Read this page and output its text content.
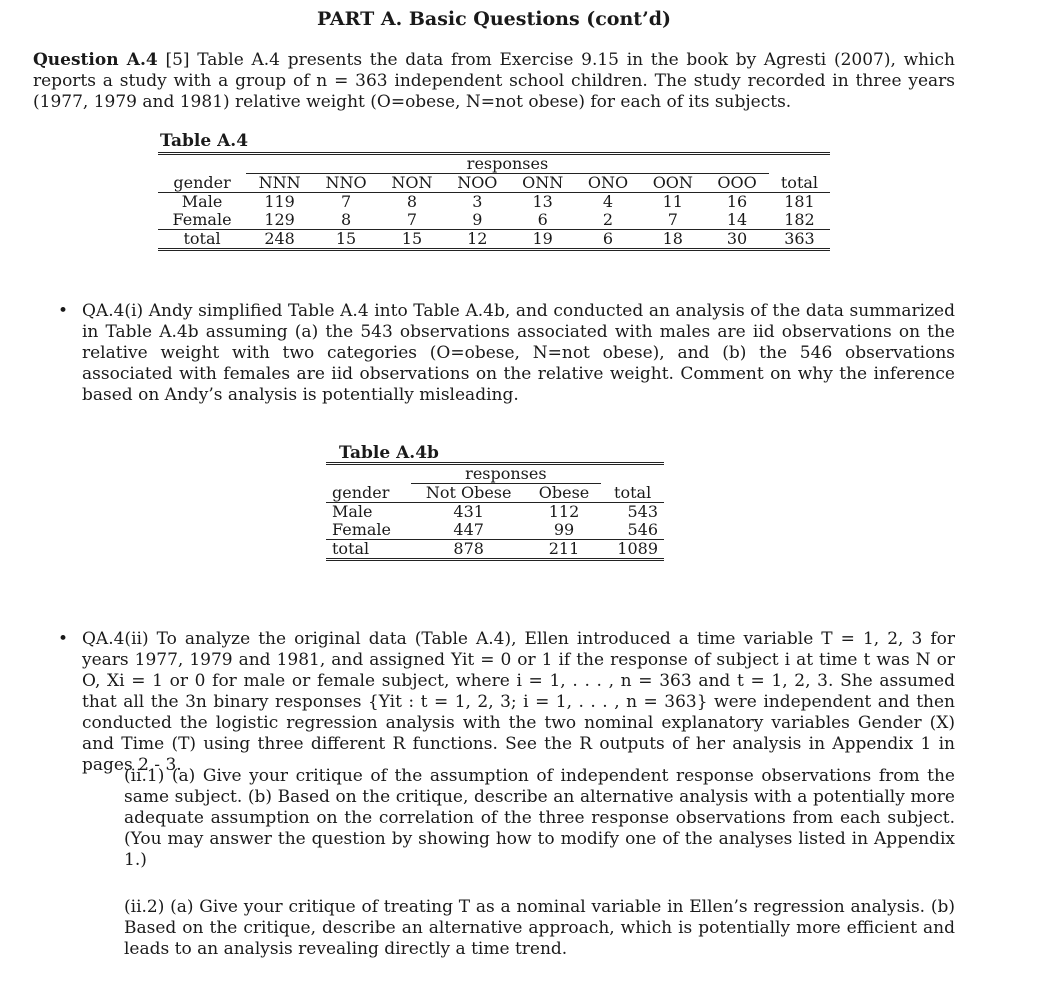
PART A. Basic Questions (cont’d)
Question A.4 [5] Table A.4 presents the data from Exercise 9.15 in the book by Agresti (2007), which reports a study with a group of n = 363 independent school children. The study recorded in three years (1977, 1979 and 1981) relative weight (O=obese, N=not obese) for each of its subjects.
Table A.4
	responses								
gender	NNN	NNO	NON	NOO	ONN	ONO	OON	OOO	total
Male	119	7	8	3	13	4	11	16	181
Female	129	8	7	9	6	2	7	14	182
total	248	15	15	12	19	6	18	30	363
• QA.4(i) Andy simplified Table A.4 into Table A.4b, and conducted an analysis of the data summarized in Table A.4b assuming (a) the 543 observations associated with males are iid observations on the relative weight with two categories (O=obese, N=not obese), and (b) the 546 observations associated with females are iid observations on the relative weight. Comment on why the inference based on Andy’s analysis is potentially misleading.
Table A.4b
	responses		
gender	Not Obese	Obese	total
Male	431	112	543
Female	447	99	546
total	878	211	1089
• QA.4(ii) To analyze the original data (Table A.4), Ellen introduced a time variable T = 1, 2, 3 for years 1977, 1979 and 1981, and assigned Yit = 0 or 1 if the response of subject i at time t was N or O, Xi = 1 or 0 for male or female subject, where i = 1, . . . , n = 363 and t = 1, 2, 3. She assumed that all the 3n binary responses {Yit : t = 1, 2, 3; i = 1, . . . , n = 363} were independent and then conducted the logistic regression analysis with the two nominal explanatory variables Gender (X) and Time (T) using three different R functions. See the R outputs of her analysis in Appendix 1 in pages 2 - 3.
(ii.1) (a) Give your critique of the assumption of independent response observations from the same subject. (b) Based on the critique, describe an alternative analysis with a potentially more adequate assumption on the correlation of the three response observations from each subject. (You may answer the question by showing how to modify one of the analyses listed in Appendix 1.)
(ii.2) (a) Give your critique of treating T as a nominal variable in Ellen’s regression analysis. (b) Based on the critique, describe an alternative approach, which is potentially more efficient and leads to an analysis revealing directly a time trend.
